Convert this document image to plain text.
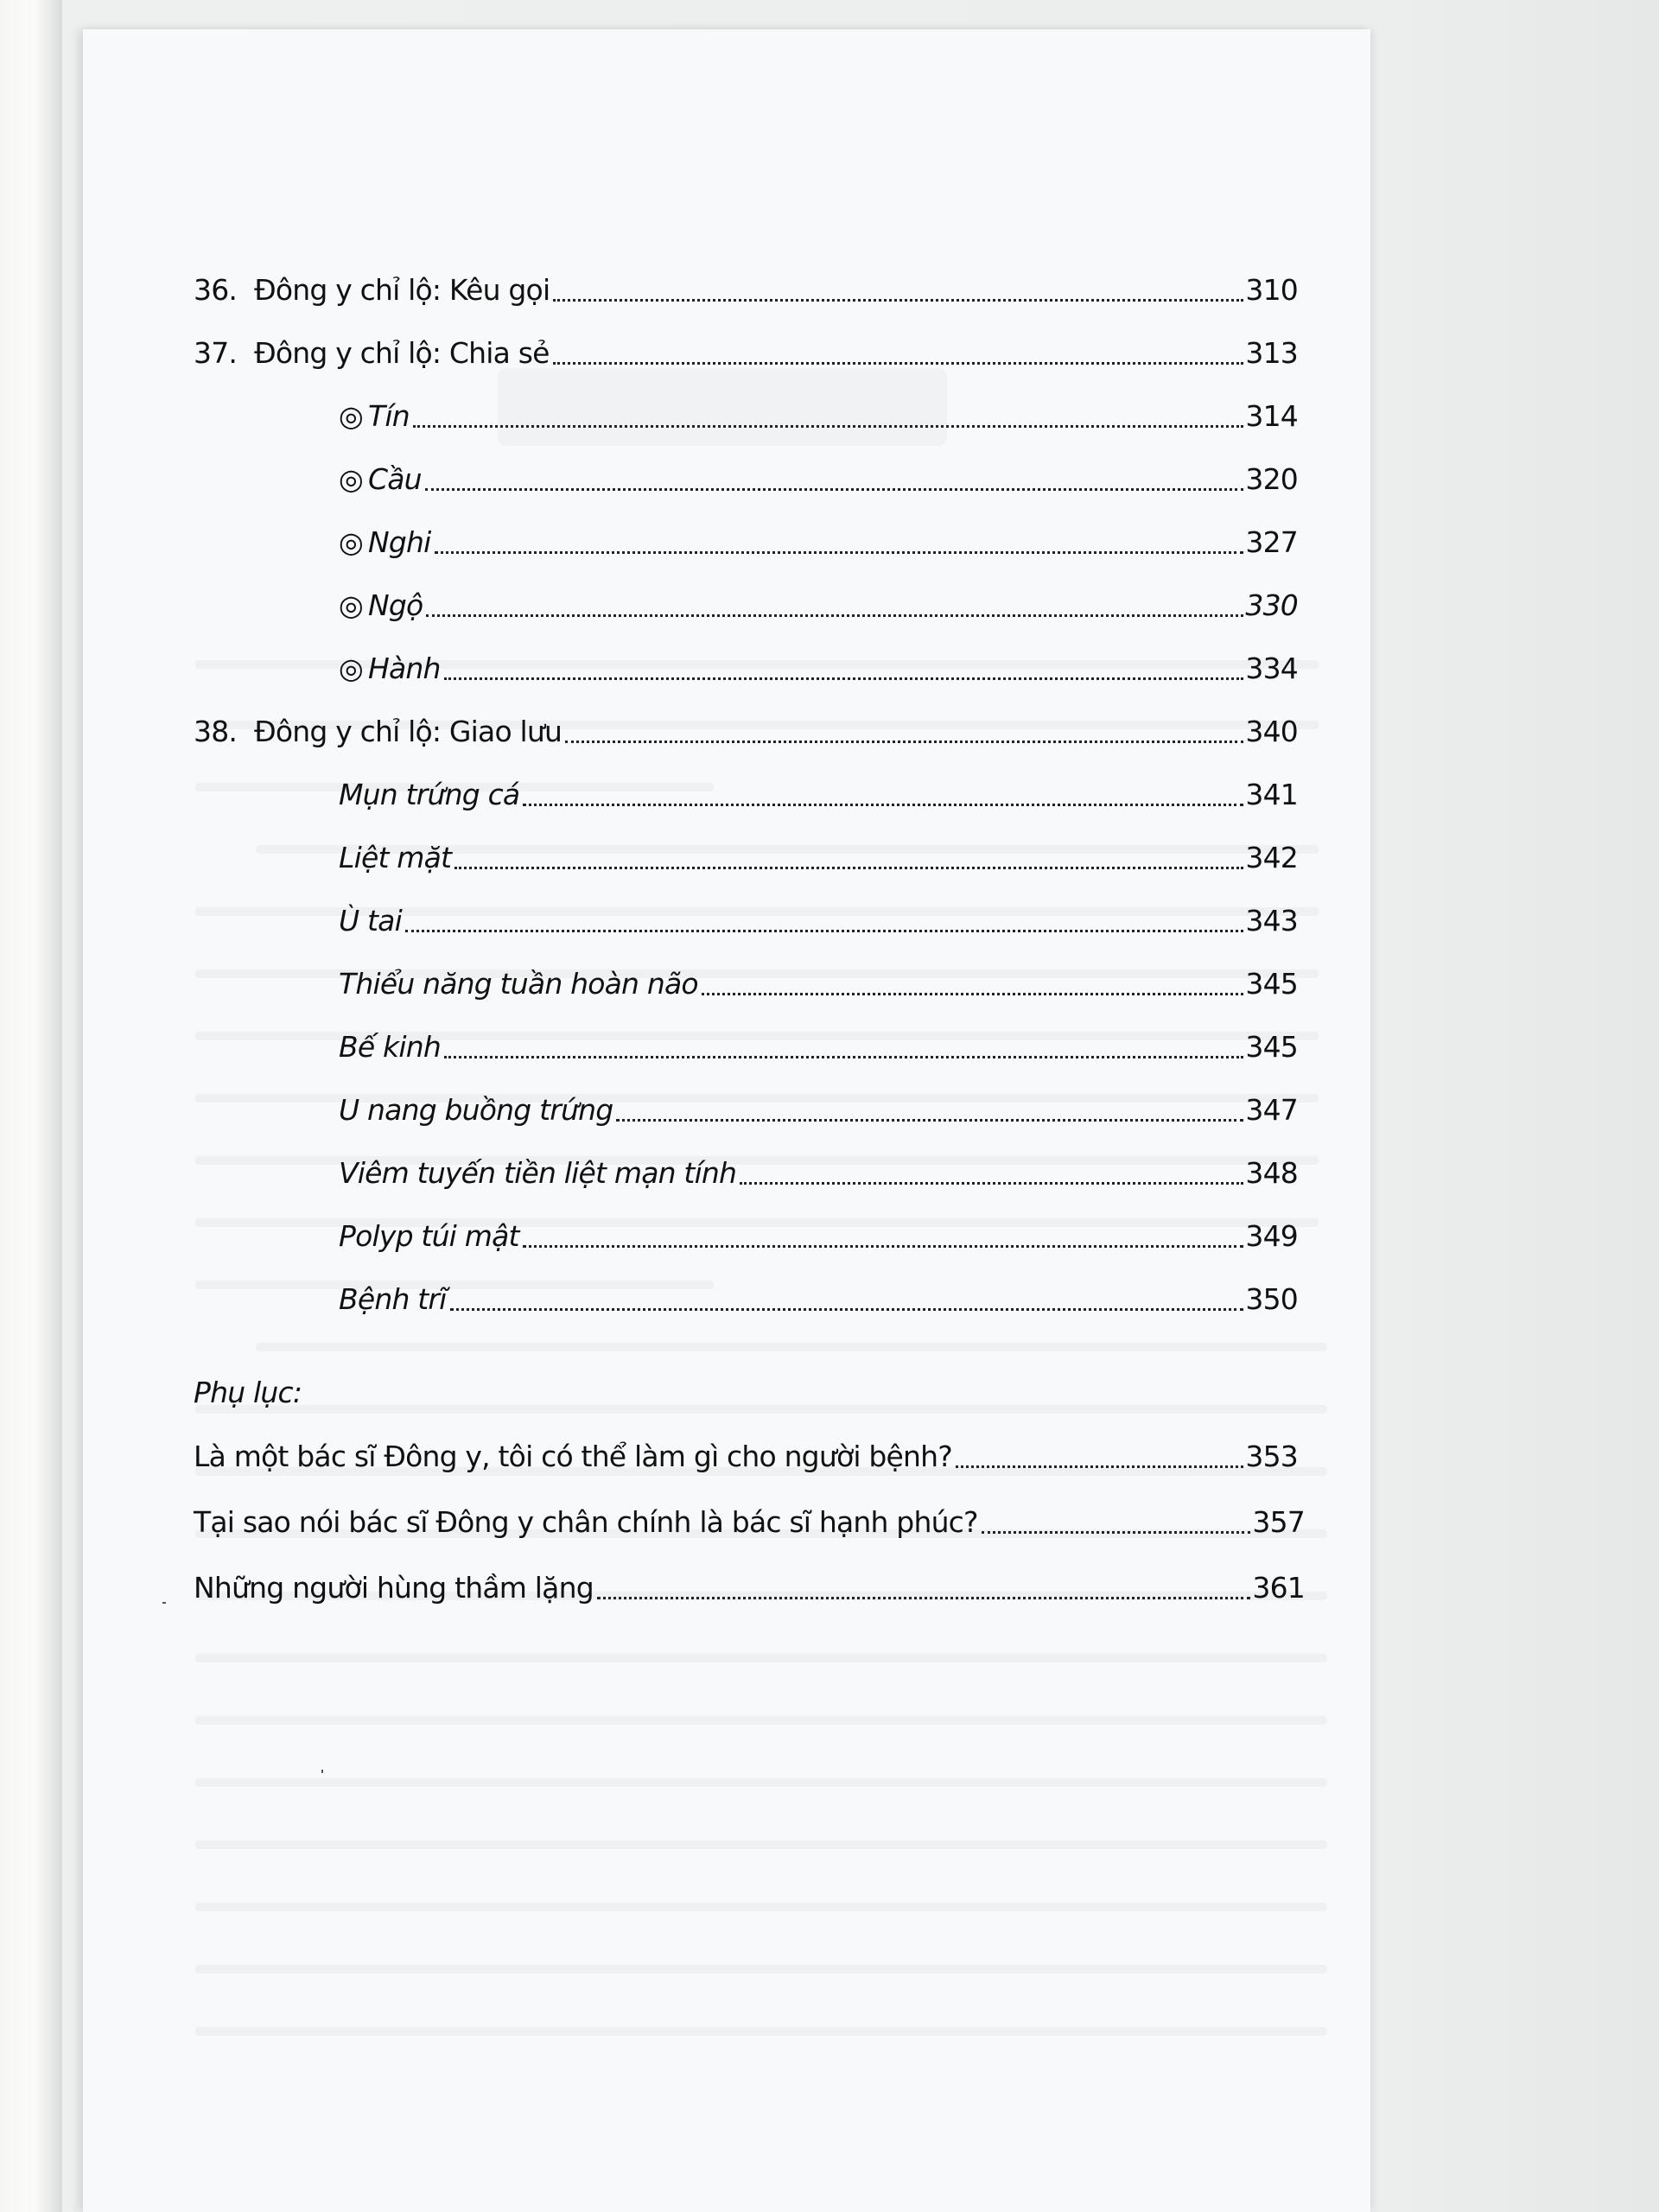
36. Đông y chỉ lộ: Kêu gọi	310
37. Đông y chỉ lộ: Chia sẻ	313
◎ Tín	314
◎ Cầu	320
◎ Nghi	327
◎ Ngộ	330
◎ Hành	334
38. Đông y chỉ lộ: Giao lưu	340
Mụn trứng cá	341
Liệt mặt	342
Ù tai	343
Thiểu năng tuần hoàn não	345
Bế kinh	345
U nang buồng trứng	347
Viêm tuyến tiền liệt mạn tính	348
Polyp túi mật	349
Bệnh trĩ	350
Phụ lục:
Là một bác sĩ Đông y, tôi có thể làm gì cho người bệnh?	353
Tại sao nói bác sĩ Đông y chân chính là bác sĩ hạnh phúc?	357
Những người hùng thầm lặng	361
